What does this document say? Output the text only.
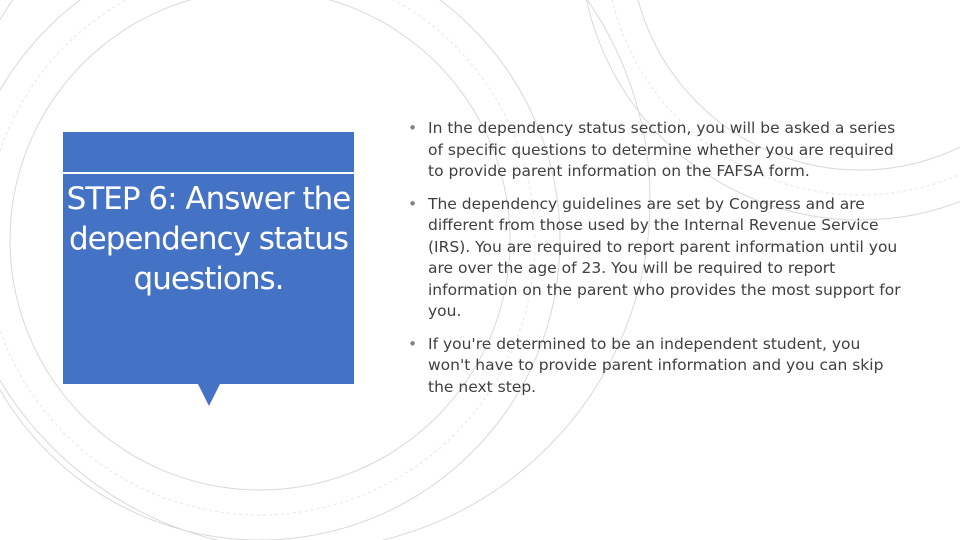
STEP 6: Answer the dependency status questions.
• In the dependency status section, you will be asked a series of specific questions to determine whether you are required to provide parent information on the FAFSA form.
• The dependency guidelines are set by Congress and are different from those used by the Internal Revenue Service (IRS). You are required to report parent information until you are over the age of 23. You will be required to report information on the parent who provides the most support for you.
• If you're determined to be an independent student, you won't have to provide parent information and you can skip the next step.
